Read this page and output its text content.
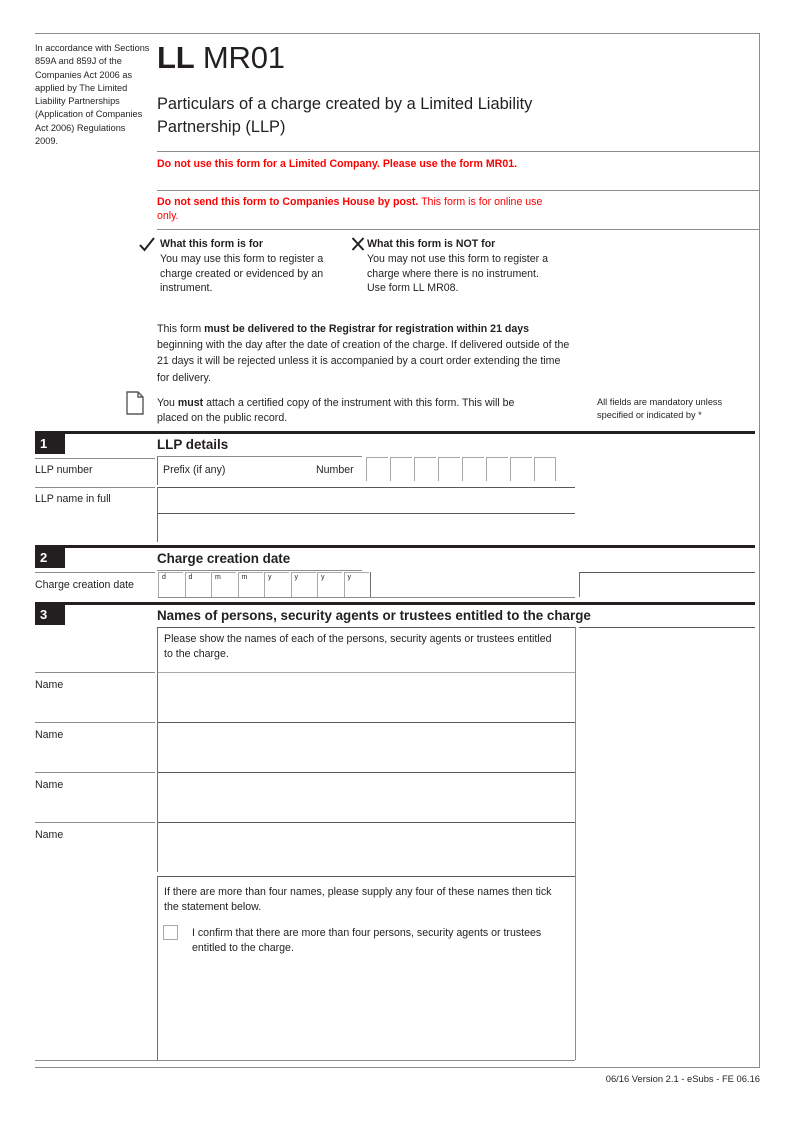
In accordance with Sections 859A and 859J of the Companies Act 2006 as applied by The Limited Liability Partnerships (Application of Companies Act 2006) Regulations 2009.
LL MR01
Particulars of a charge created by a Limited Liability Partnership (LLP)
Do not use this form for a Limited Company. Please use the form MR01.
Do not send this form to Companies House by post. This form is for online use only.
What this form is for
You may use this form to register a charge created or evidenced by an instrument.
What this form is NOT for
You may not use this form to register a charge where there is no instrument. Use form LL MR08.
This form must be delivered to the Registrar for registration within 21 days beginning with the day after the date of creation of the charge. If delivered outside of the 21 days it will be rejected unless it is accompanied by a court order extending the time for delivery.
You must attach a certified copy of the instrument with this form. This will be placed on the public record.
All fields are mandatory unless specified or indicated by *
1	LLP details
LLP number	Prefix (if any)	Number
LLP name in full
2	Charge creation date
Charge creation date
d	d	m	m	y	y	y	y
3	Names of persons, security agents or trustees entitled to the charge
Please show the names of each of the persons, security agents or trustees entitled to the charge.
Name
Name
Name
Name
If there are more than four names, please supply any four of these names then tick the statement below.
I confirm that there are more than four persons, security agents or trustees entitled to the charge.
06/16 Version 2.1 - eSubs - FE 06.16
